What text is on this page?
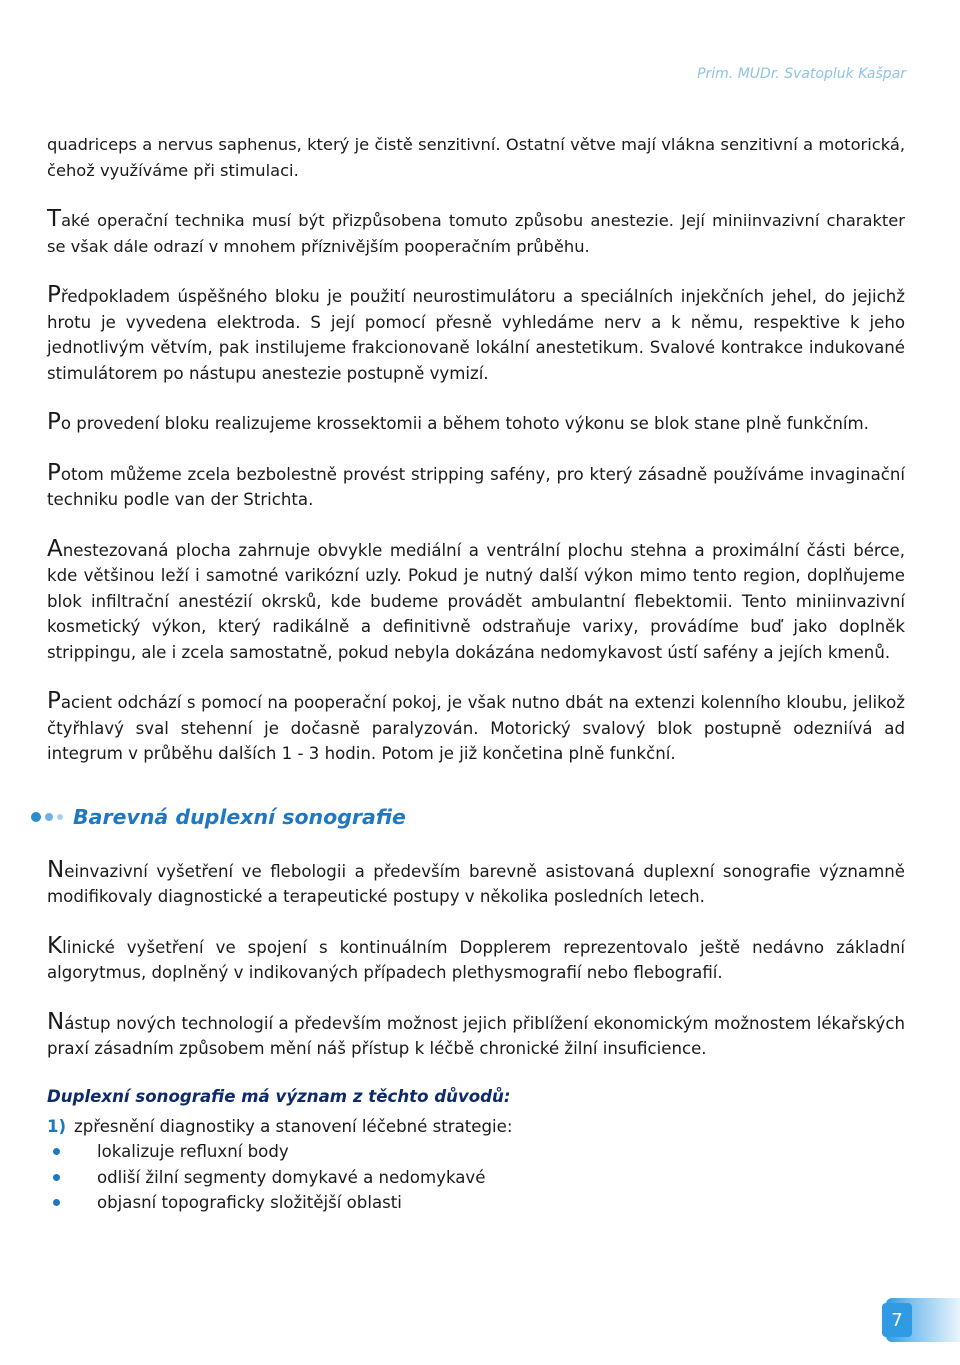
Prim. MUDr. Svatopluk Kašpar

quadriceps a nervus saphenus, který je čistě senzitivní. Ostatní větve mají vlákna senzitivní a motorická, čehož využíváme při stimulaci.

Také operační technika musí být přizpůsobena tomuto způsobu anestezie. Její miniinvazivní charakter se však dále odrazí v mnohem příznivějším pooperačním průběhu.

Předpokladem úspěšného bloku je použití neurostimulátoru a speciálních injekčních jehel, do jejichž hrotu je vyvedena elektroda. S její pomocí přesně vyhledáme nerv a k němu, respektive k jeho jednotlivým větvím, pak instilujeme frakcionovaně lokální anestetikum. Svalové kontrakce indukované stimulátorem po nástupu anestezie postupně vymizí.

Po provedení bloku realizujeme krossektomii a během tohoto výkonu se blok stane plně funkčním.

Potom můžeme zcela bezbolestně provést stripping safény, pro který zásadně používáme invaginační techniku podle van der Strichta.

Anestezovaná plocha zahrnuje obvykle mediální a ventrální plochu stehna a proximální části bérce, kde většinou leží i samotné varikózní uzly. Pokud je nutný další výkon mimo tento region, doplňujeme blok infiltrační anestézií okrsků, kde budeme provádět ambulantní flebektomii. Tento miniinvazivní kosmetický výkon, který radikálně a definitivně odstraňuje varixy, provádíme buď jako doplněk strippingu, ale i zcela samostatně, pokud nebyla dokázána nedomykavost ústí safény a jejích kmenů.

Pacient odchází s pomocí na pooperační pokoj, je však nutno dbát na extenzi kolenního kloubu, jelikož čtyřhlavý sval stehenní je dočasně paralyzován. Motorický svalový blok postupně odezniívá ad integrum v průběhu dalších 1 - 3 hodin. Potom je již končetina plně funkční.

Barevná duplexní sonografie

Neinvazivní vyšetření ve flebologii a především barevně asistovaná duplexní sonografie významně modifikovaly diagnostické a terapeutické postupy v několika posledních letech.

Klinické vyšetření ve spojení s kontinuálním Dopplerem reprezentovalo ještě nedávno základní algorytmus, doplněný v indikovaných případech plethysmografií nebo flebografií.

Nástup nových technologií a především možnost jejich přiblížení ekonomickým možnostem lékařských praxí zásadním způsobem mění náš přístup k léčbě chronické žilní insuficience.

Duplexní sonografie má význam z těchto důvodů:

1) zpřesnění diagnostiky a stanovení léčebné strategie:

lokalizuje refluxní body
odliší žilní segmenty domykavé a nedomykavé
objasní topograficky složitější oblasti
7
